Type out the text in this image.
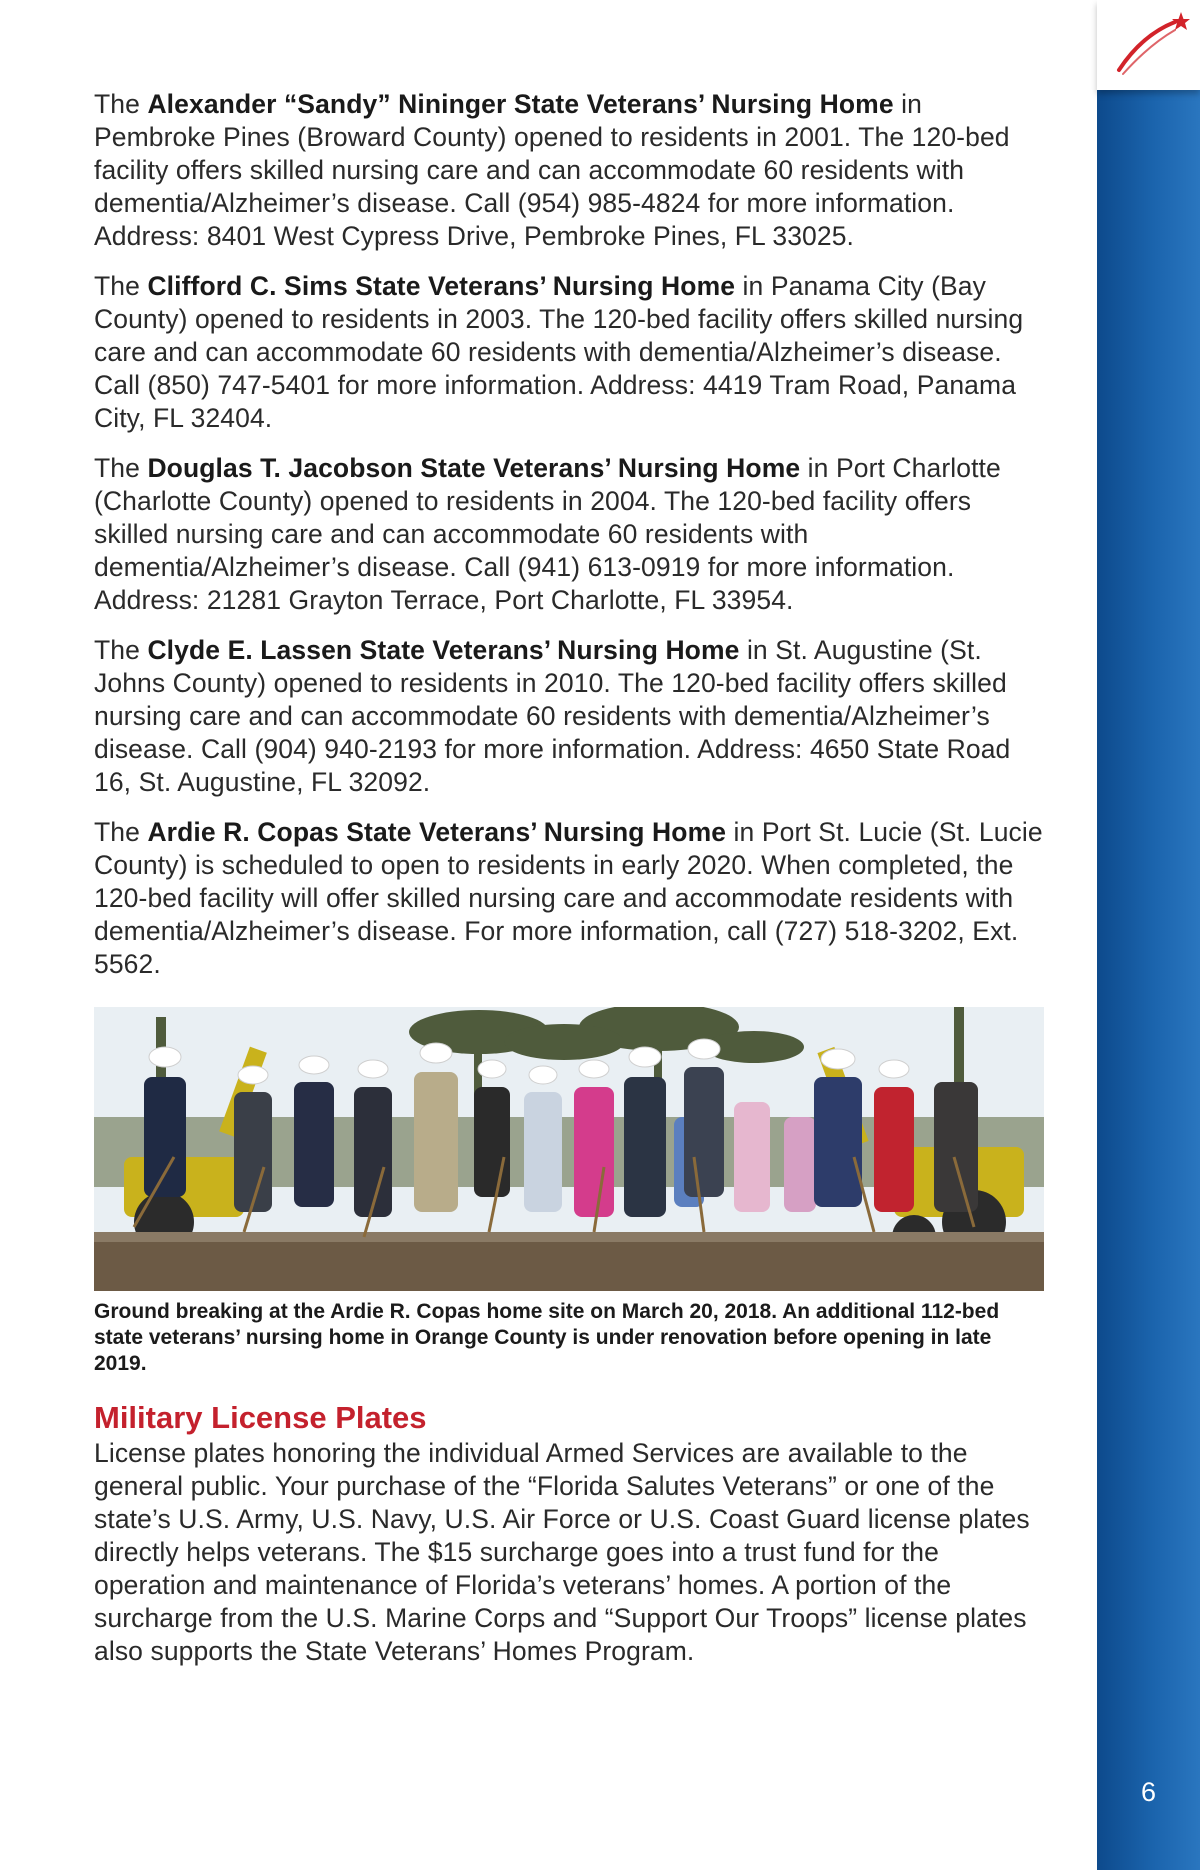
The Alexander “Sandy” Nininger State Veterans’ Nursing Home in Pembroke Pines (Broward County) opened to residents in 2001. The 120-bed facility offers skilled nursing care and can accommodate 60 residents with dementia/Alzheimer’s disease. Call (954) 985-4824 for more information. Address: 8401 West Cypress Drive, Pembroke Pines, FL 33025.

The Clifford C. Sims State Veterans’ Nursing Home in Panama City (Bay County) opened to residents in 2003. The 120-bed facility offers skilled nursing care and can accommodate 60 residents with dementia/Alzheimer’s disease. Call (850) 747-5401 for more information. Address: 4419 Tram Road, Panama City, FL 32404.

The Douglas T. Jacobson State Veterans’ Nursing Home in Port Charlotte (Charlotte County) opened to residents in 2004. The 120-bed facility offers skilled nursing care and can accommodate 60 residents with dementia/Alzheimer’s disease. Call (941) 613-0919 for more information. Address: 21281 Grayton Terrace, Port Charlotte, FL 33954.

The Clyde E. Lassen State Veterans’ Nursing Home in St. Augustine (St. Johns County) opened to residents in 2010. The 120-bed facility offers skilled nursing care and can accommodate 60 residents with dementia/Alzheimer’s disease. Call (904) 940-2193 for more information. Address: 4650 State Road 16, St. Augustine, FL 32092.

The Ardie R. Copas State Veterans’ Nursing Home in Port St. Lucie (St. Lucie County) is scheduled to open to residents in early 2020. When completed, the 120-bed facility will offer skilled nursing care and accommodate residents with dementia/Alzheimer’s disease. For more information, call (727) 518-3202, Ext. 5562.

Ground breaking at the Ardie R. Copas home site on March 20, 2018. An additional 112-bed state veterans’ nursing home in Orange County is under renovation before opening in late 2019.

Military License Plates

License plates honoring the individual Armed Services are available to the general public. Your purchase of the “Florida Salutes Veterans” or one of the state’s U.S. Army, U.S. Navy, U.S. Air Force or U.S. Coast Guard license plates directly helps veterans. The $15 surcharge goes into a trust fund for the operation and maintenance of Florida’s veterans’ homes. A portion of the surcharge from the U.S. Marine Corps and “Support Our Troops” license plates also supports the State Veterans’ Homes Program.

6
